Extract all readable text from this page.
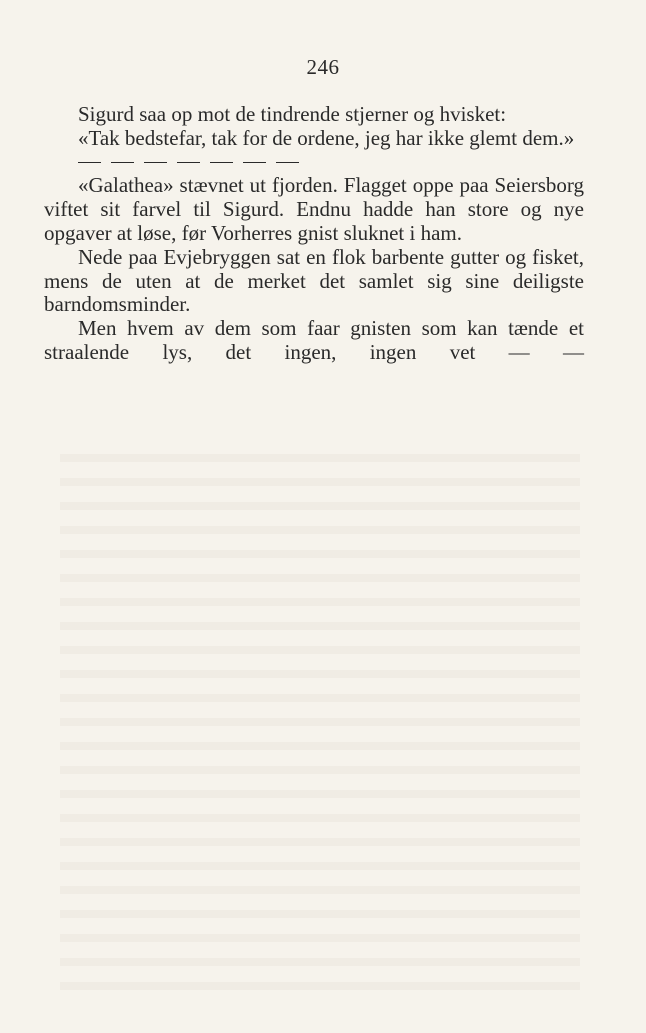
246

Sigurd saa op mot de tindrende stjerner og hvisket:

«Tak bedstefar, tak for de ordene, jeg har ikke glemt dem.»

«Galathea» stævnet ut fjorden. Flagget oppe paa Seiersborg viftet sit farvel til Sigurd. Endnu hadde han store og nye opgaver at løse, før Vorherres gnist sluknet i ham.

Nede paa Evjebryggen sat en flok barbente gutter og fisket, mens de uten at de merket det samlet sig sine deiligste barndomsminder.

Men hvem av dem som faar gnisten som kan tænde et straalende lys, det ingen, ingen vet — —
